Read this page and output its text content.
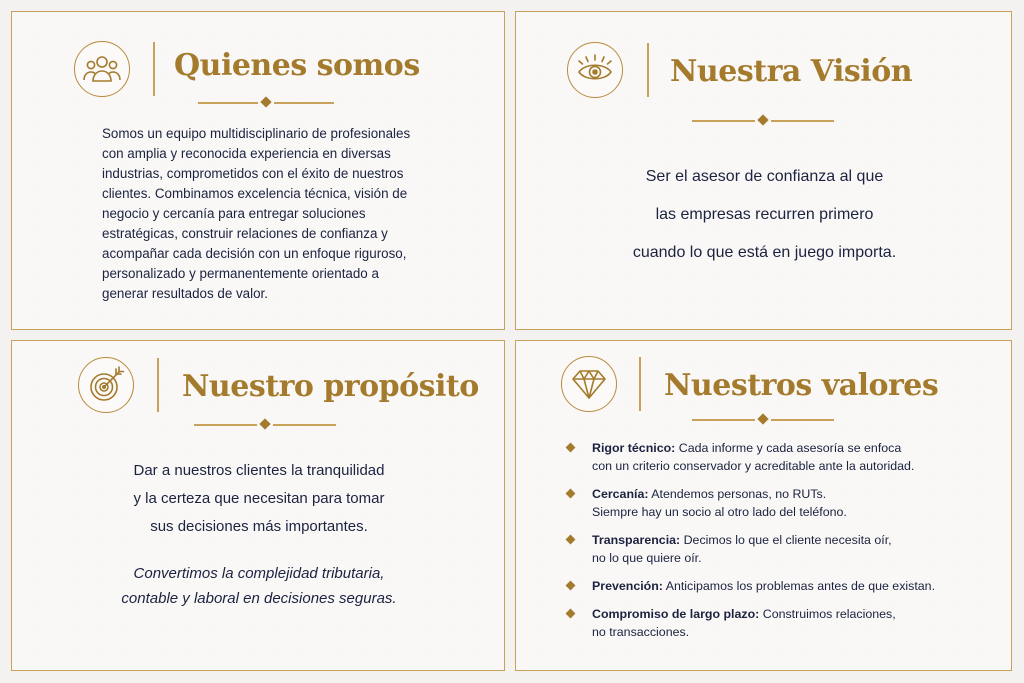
Quienes somos

Somos un equipo multidisciplinario de profesionales
con amplia y reconocida experiencia en diversas
industrias, comprometidos con el éxito de nuestros
clientes. Combinamos excelencia técnica, visión de
negocio y cercanía para entregar soluciones
estratégicas, construir relaciones de confianza y
acompañar cada decisión con un enfoque riguroso,
personalizado y permanentemente orientado a
generar resultados de valor.

Nuestra Visión

Ser el asesor de confianza al que
las empresas recurren primero
cuando lo que está en juego importa.

Nuestro propósito

Dar a nuestros clientes la tranquilidad
y la certeza que necesitan para tomar
sus decisiones más importantes.

Convertimos la complejidad tributaria,
contable y laboral en decisiones seguras.

Nuestros valores
Rigor técnico: Cada informe y cada asesoría se enfoca
con un criterio conservador y acreditable ante la autoridad.
Cercanía: Atendemos personas, no RUTs.
Siempre hay un socio al otro lado del teléfono.
Transparencia: Decimos lo que el cliente necesita oír,
no lo que quiere oír.
Prevención: Anticipamos los problemas antes de que existan.
Compromiso de largo plazo: Construimos relaciones,
no transacciones.
